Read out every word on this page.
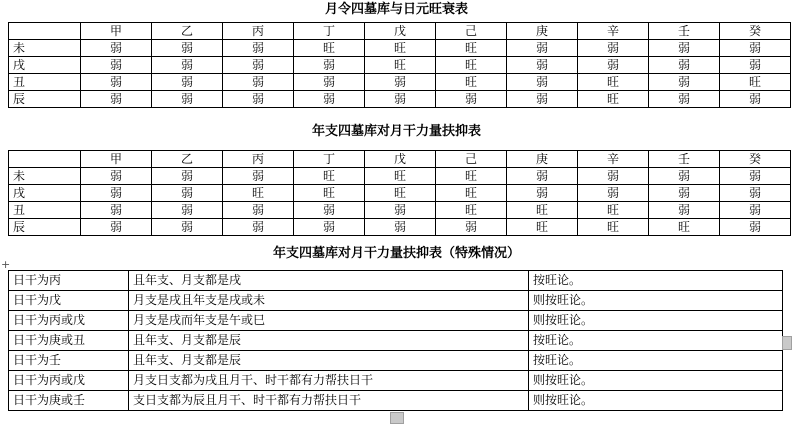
月令四墓库与日元旺衰表
	甲	乙	丙	丁	戊	己	庚	辛	壬	癸
未	弱	弱	弱	旺	旺	旺	弱	弱	弱	弱
戌	弱	弱	弱	弱	旺	旺	弱	弱	弱	弱
丑	弱	弱	弱	弱	弱	旺	弱	旺	弱	旺
辰	弱	弱	弱	弱	弱	弱	弱	旺	弱	弱
年支四墓库对月干力量扶抑表
	甲	乙	丙	丁	戊	己	庚	辛	壬	癸
未	弱	弱	弱	旺	旺	旺	弱	弱	弱	弱
戌	弱	弱	旺	旺	旺	旺	弱	弱	弱	弱
丑	弱	弱	弱	弱	弱	旺	旺	旺	弱	弱
辰	弱	弱	弱	弱	弱	弱	旺	旺	旺	弱
年支四墓库对月干力量扶抑表（特殊情况）
日干为丙	且年支、月支都是戌	按旺论。
日干为戊	月支是戌且年支是戌或未	则按旺论。
日干为丙或戊	月支是戌而年支是午或巳	则按旺论。
日干为庚或丑	且年支、月支都是辰	按旺论。
日干为壬	且年支、月支都是辰	按旺论。
日干为丙或戊	月支日支都为戌且月干、时干都有力帮扶日干	则按旺论。
日干为庚或壬	支日支都为辰且月干、时干都有力帮扶日干	则按旺论。
+
